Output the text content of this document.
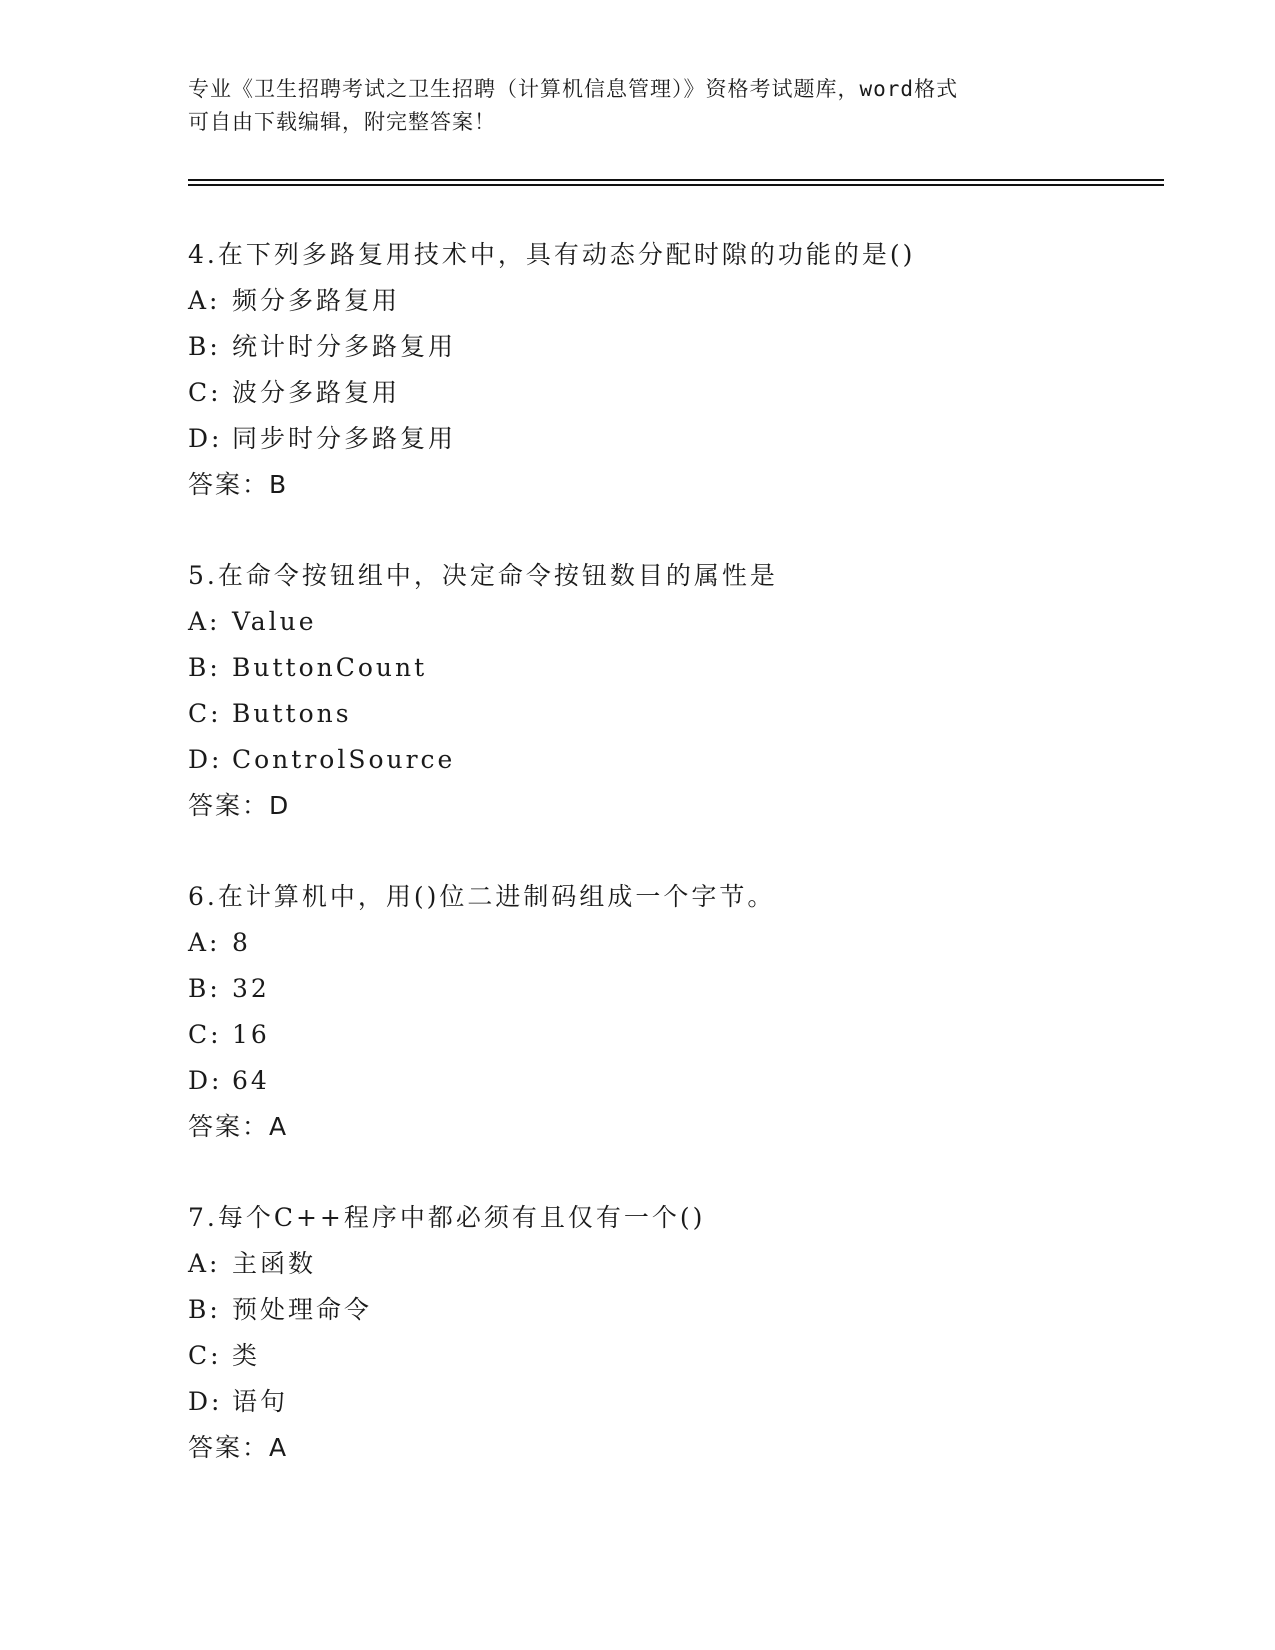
专业《卫生招聘考试之卫生招聘（计算机信息管理）》资格考试题库，word格式
可自由下载编辑，附完整答案！
4.在下列多路复用技术中，具有动态分配时隙的功能的是()
A: 频分多路复用
B: 统计时分多路复用
C: 波分多路复用
D: 同步时分多路复用
答案：B
5.在命令按钮组中，决定命令按钮数目的属性是
A: Value
B: ButtonCount
C: Buttons
D: ControlSource
答案：D
6.在计算机中，用()位二进制码组成一个字节。
A: 8
B: 32
C: 16
D: 64
答案：A
7.每个C++程序中都必须有且仅有一个()
A: 主函数
B: 预处理命令
C: 类
D: 语句
答案：A
